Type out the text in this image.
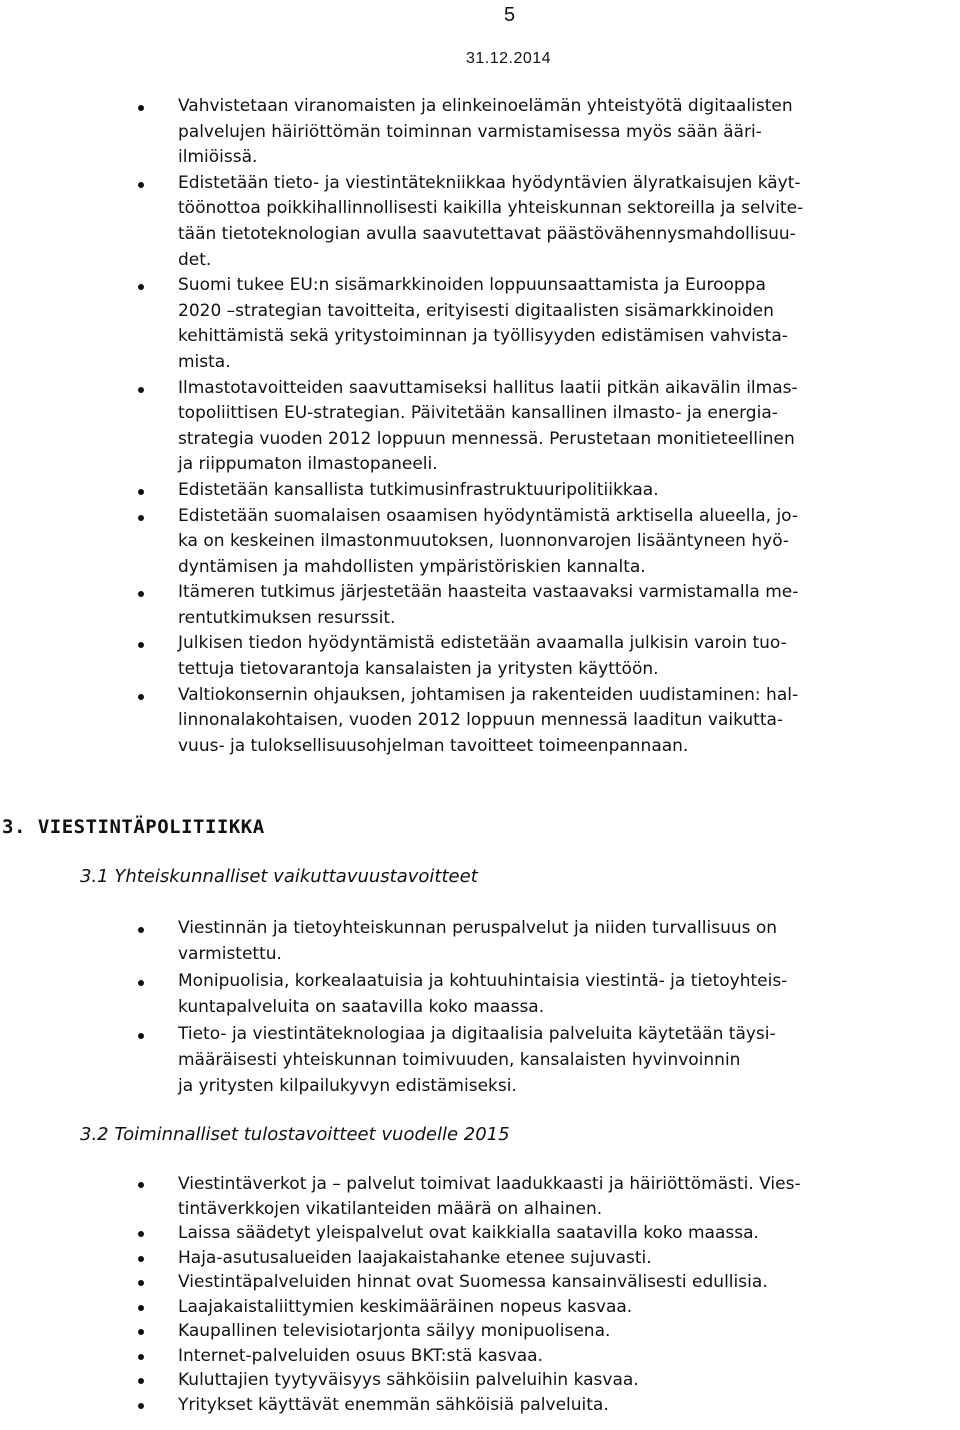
5
31.12.2014
Vahvistetaan viranomaisten ja elinkeinoelämän yhteistyötä digitaalisten
palvelujen häiriöttömän toiminnan varmistamisessa myös sään ääri-
ilmiöissä.
Edistetään tieto- ja viestintätekniikkaa hyödyntävien älyratkaisujen käyt-
töönottoa poikkihallinnollisesti kaikilla yhteiskunnan sektoreilla ja selvite-
tään tietoteknologian avulla saavutettavat päästövähennysmahdollisuu-
det.
Suomi tukee EU:n sisämarkkinoiden loppuunsaattamista ja Eurooppa
2020 –strategian tavoitteita, erityisesti digitaalisten sisämarkkinoiden
kehittämistä sekä yritystoiminnan ja työllisyyden edistämisen vahvista-
mista.
Ilmastotavoitteiden saavuttamiseksi hallitus laatii pitkän aikavälin ilmas-
topoliittisen EU-strategian. Päivitetään kansallinen ilmasto- ja energia-
strategia vuoden 2012 loppuun mennessä. Perustetaan monitieteellinen
ja riippumaton ilmastopaneeli.
Edistetään kansallista tutkimusinfrastruktuuripolitiikkaa.
Edistetään suomalaisen osaamisen hyödyntämistä arktisella alueella, jo-
ka on keskeinen ilmastonmuutoksen, luonnonvarojen lisääntyneen hyö-
dyntämisen ja mahdollisten ympäristöriskien kannalta.
Itämeren tutkimus järjestetään haasteita vastaavaksi varmistamalla me-
rentutkimuksen resurssit.
Julkisen tiedon hyödyntämistä edistetään avaamalla julkisin varoin tuo-
tettuja tietovarantoja kansalaisten ja yritysten käyttöön.
Valtiokonsernin ohjauksen, johtamisen ja rakenteiden uudistaminen: hal-
linnonalakohtaisen, vuoden 2012 loppuun mennessä laaditun vaikutta-
vuus- ja tuloksellisuusohjelman tavoitteet toimeenpannaan.
3. VIESTINTÄPOLITIIKKA
3.1 Yhteiskunnalliset vaikuttavuustavoitteet
Viestinnän ja tietoyhteiskunnan peruspalvelut ja niiden turvallisuus on
varmistettu.
Monipuolisia, korkealaatuisia ja kohtuuhintaisia viestintä- ja tietoyhteis-
kuntapalveluita on saatavilla koko maassa.
Tieto- ja viestintäteknologiaa ja digitaalisia palveluita käytetään täysi-
määräisesti yhteiskunnan toimivuuden, kansalaisten hyvinvoinnin
ja yritysten kilpailukyvyn edistämiseksi.
3.2 Toiminnalliset tulostavoitteet vuodelle 2015
Viestintäverkot ja – palvelut toimivat laadukkaasti ja häiriöttömästi. Vies-
tintäverkkojen vikatilanteiden määrä on alhainen.
Laissa säädetyt yleispalvelut ovat kaikkialla saatavilla koko maassa.
Haja-asutusalueiden laajakaistahanke etenee sujuvasti.
Viestintäpalveluiden hinnat ovat Suomessa kansainvälisesti edullisia.
Laajakaistaliittymien keskimääräinen nopeus kasvaa.
Kaupallinen televisiotarjonta säilyy monipuolisena.
Internet-palveluiden osuus BKT:stä kasvaa.
Kuluttajien tyytyväisyys sähköisiin palveluihin kasvaa.
Yritykset käyttävät enemmän sähköisiä palveluita.
